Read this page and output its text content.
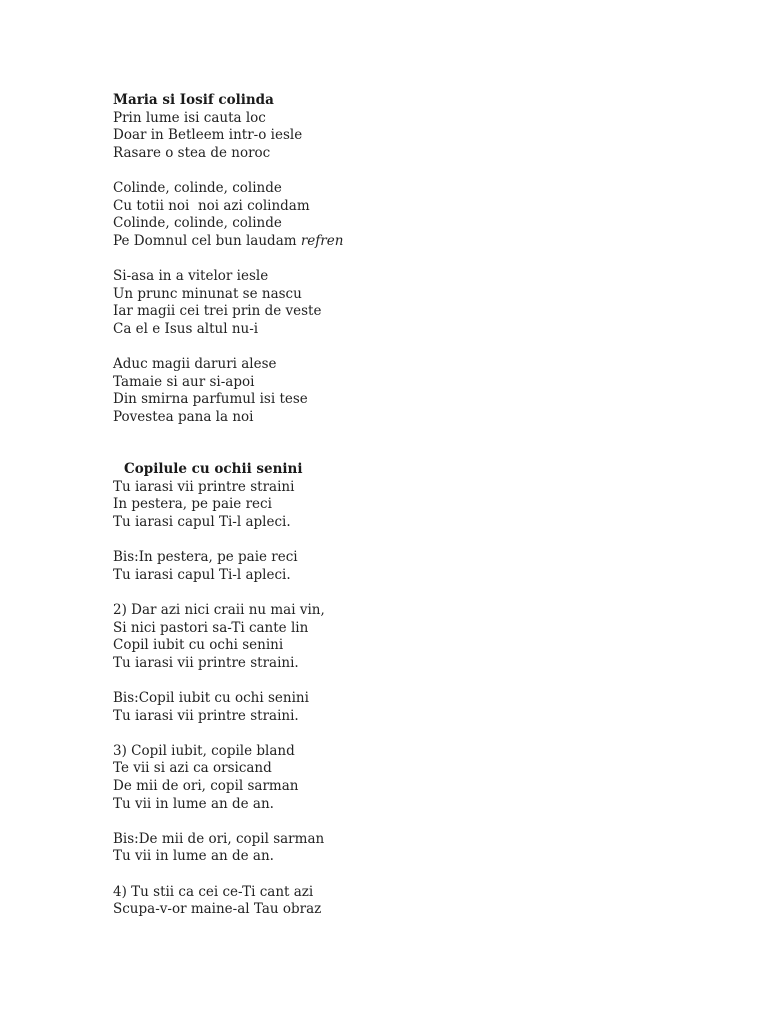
Maria si Iosif colinda
Prin lume isi cauta loc
Doar in Betleem intr-o iesle
Rasare o stea de noroc
Colinde, colinde, colinde
Cu totii noi  noi azi colindam
Colinde, colinde, colinde
Pe Domnul cel bun laudam refren
Si-asa in a vitelor iesle
Un prunc minunat se nascu
Iar magii cei trei prin de veste
Ca el e Isus altul nu-i
Aduc magii daruri alese
Tamaie si aur si-apoi
Din smirna parfumul isi tese
Povestea pana la noi
Copilule cu ochii senini
Tu iarasi vii printre straini
In pestera, pe paie reci
Tu iarasi capul Ti-l apleci.
Bis:In pestera, pe paie reci
Tu iarasi capul Ti-l apleci.
2) Dar azi nici craii nu mai vin,
Si nici pastori sa-Ti cante lin
Copil iubit cu ochi senini
Tu iarasi vii printre straini.
Bis:Copil iubit cu ochi senini
Tu iarasi vii printre straini.
3) Copil iubit, copile bland
Te vii si azi ca orsicand
De mii de ori, copil sarman
Tu vii in lume an de an.
Bis:De mii de ori, copil sarman
Tu vii in lume an de an.
4) Tu stii ca cei ce-Ti cant azi
Scupa-v-or maine-al Tau obraz
